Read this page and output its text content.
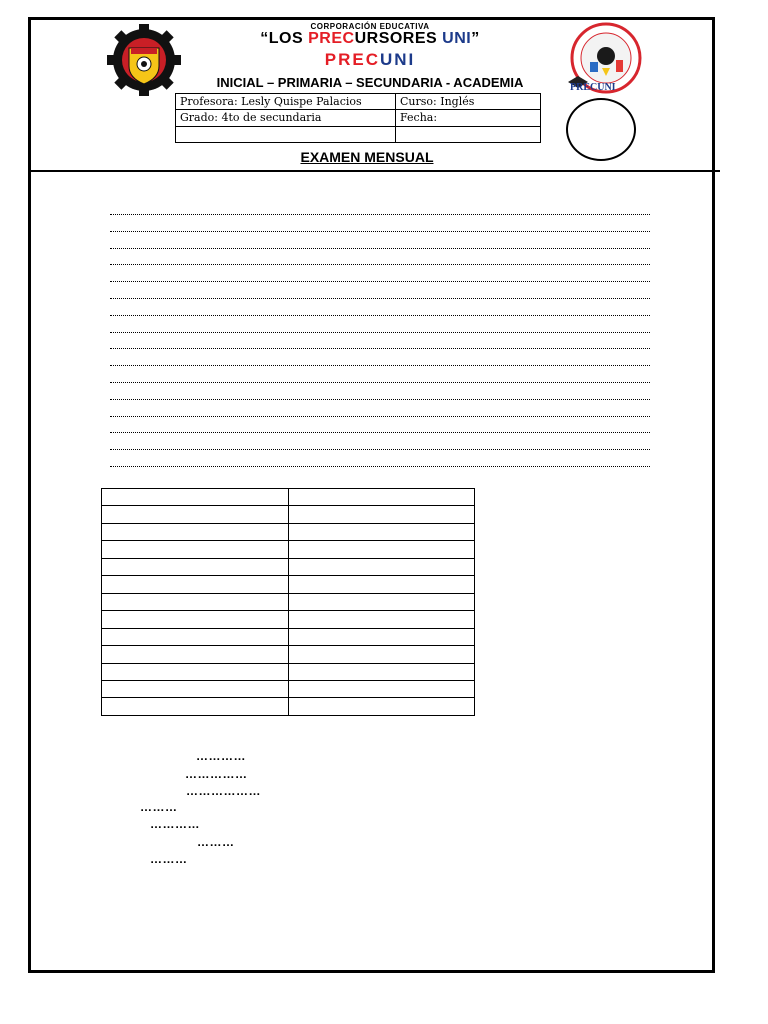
CORPORACIÓN EDUCATIVA
“LOS PRECURSORES UNI”
PRECUNI
INICIAL – PRIMARIA – SECUNDARIA - ACADEMIA	PRECUNI
Profesora: Lesly Quispe Palacios	Curso: Inglés
Grado: 4to de secundaria	Fecha:

EXAMEN MENSUAL

…………
……………
………………
………
…………
………
………
